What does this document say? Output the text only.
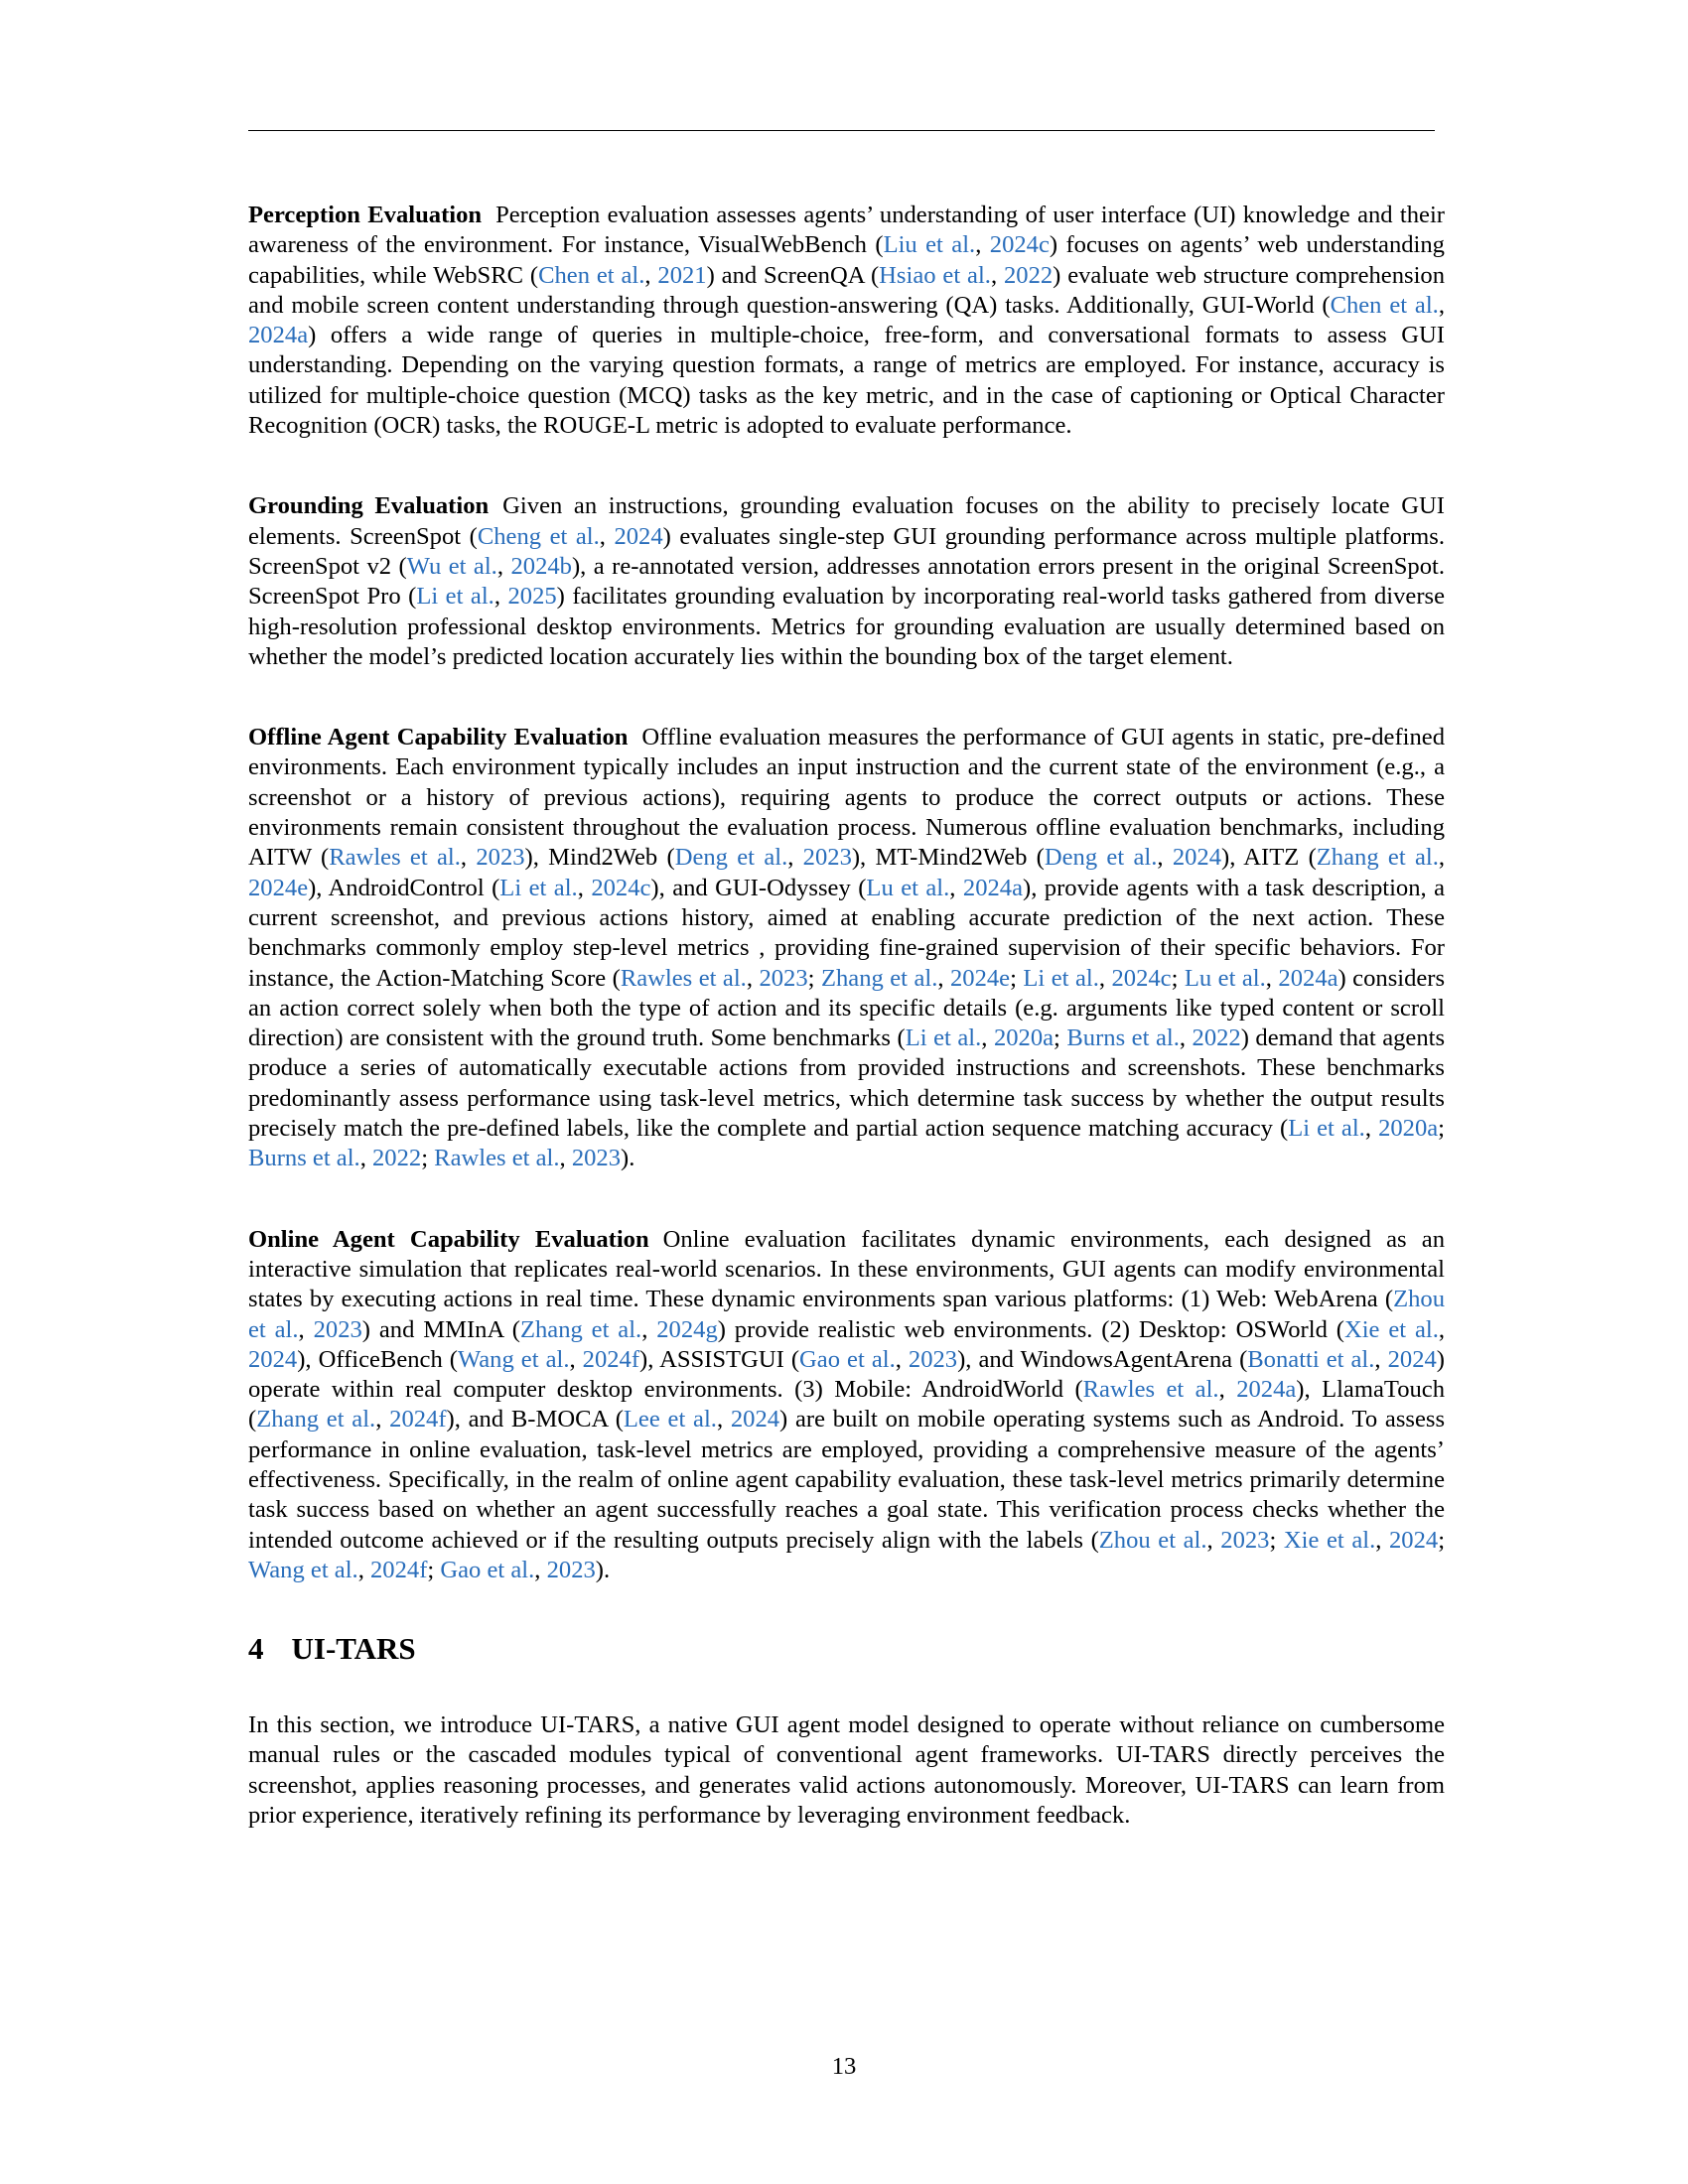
Perception Evaluation Perception evaluation assesses agents’ understanding of user interface (UI) knowledge and their awareness of the environment. For instance, VisualWebBench (Liu et al., 2024c) focuses on agents’ web understanding capabilities, while WebSRC (Chen et al., 2021) and ScreenQA (Hsiao et al., 2022) evaluate web structure comprehension and mobile screen content understanding through question-answering (QA) tasks. Additionally, GUI-World (Chen et al., 2024a) offers a wide range of queries in multiple-choice, free-form, and conversational formats to assess GUI understanding. Depending on the varying question formats, a range of metrics are employed. For instance, accuracy is utilized for multiple-choice question (MCQ) tasks as the key metric, and in the case of captioning or Optical Character Recognition (OCR) tasks, the ROUGE-L metric is adopted to evaluate performance.

Grounding Evaluation Given an instructions, grounding evaluation focuses on the ability to precisely locate GUI elements. ScreenSpot (Cheng et al., 2024) evaluates single-step GUI grounding performance across multiple platforms. ScreenSpot v2 (Wu et al., 2024b), a re-annotated version, addresses annotation errors present in the original ScreenSpot. ScreenSpot Pro (Li et al., 2025) facilitates grounding evaluation by incorporating real-world tasks gathered from diverse high-resolution professional desktop environments. Metrics for grounding evaluation are usually determined based on whether the model’s predicted location accurately lies within the bounding box of the target element.

Offline Agent Capability Evaluation Offline evaluation measures the performance of GUI agents in static, pre-defined environments. Each environment typically includes an input instruction and the current state of the environment (e.g., a screenshot or a history of previous actions), requiring agents to produce the correct outputs or actions. These environments remain consistent throughout the evaluation process. Numerous offline evaluation benchmarks, including AITW (Rawles et al., 2023), Mind2Web (Deng et al., 2023), MT-Mind2Web (Deng et al., 2024), AITZ (Zhang et al., 2024e), AndroidControl (Li et al., 2024c), and GUI-Odyssey (Lu et al., 2024a), provide agents with a task description, a current screenshot, and previous actions history, aimed at enabling accurate prediction of the next action. These benchmarks commonly employ step-level metrics , providing fine-grained supervision of their specific behaviors. For instance, the Action-Matching Score (Rawles et al., 2023; Zhang et al., 2024e; Li et al., 2024c; Lu et al., 2024a) considers an action correct solely when both the type of action and its specific details (e.g. arguments like typed content or scroll direction) are consistent with the ground truth. Some benchmarks (Li et al., 2020a; Burns et al., 2022) demand that agents produce a series of automatically executable actions from provided instructions and screenshots. These benchmarks predominantly assess performance using task-level metrics, which determine task success by whether the output results precisely match the pre-defined labels, like the complete and partial action sequence matching accuracy (Li et al., 2020a; Burns et al., 2022; Rawles et al., 2023).

Online Agent Capability Evaluation Online evaluation facilitates dynamic environments, each designed as an interactive simulation that replicates real-world scenarios. In these environments, GUI agents can modify environmental states by executing actions in real time. These dynamic environments span various platforms: (1) Web: WebArena (Zhou et al., 2023) and MMInA (Zhang et al., 2024g) provide realistic web environments. (2) Desktop: OSWorld (Xie et al., 2024), OfficeBench (Wang et al., 2024f), ASSISTGUI (Gao et al., 2023), and WindowsAgentArena (Bonatti et al., 2024) operate within real computer desktop environments. (3) Mobile: AndroidWorld (Rawles et al., 2024a), LlamaTouch (Zhang et al., 2024f), and B-MOCA (Lee et al., 2024) are built on mobile operating systems such as Android. To assess performance in online evaluation, task-level metrics are employed, providing a comprehensive measure of the agents’ effectiveness. Specifically, in the realm of online agent capability evaluation, these task-level metrics primarily determine task success based on whether an agent successfully reaches a goal state. This verification process checks whether the intended outcome achieved or if the resulting outputs precisely align with the labels (Zhou et al., 2023; Xie et al., 2024; Wang et al., 2024f; Gao et al., 2023).

4 UI-TARS

In this section, we introduce UI-TARS, a native GUI agent model designed to operate without reliance on cumbersome manual rules or the cascaded modules typical of conventional agent frameworks. UI-TARS directly perceives the screenshot, applies reasoning processes, and generates valid actions autonomously. Moreover, UI-TARS can learn from prior experience, iteratively refining its performance by leveraging environment feedback.

13
